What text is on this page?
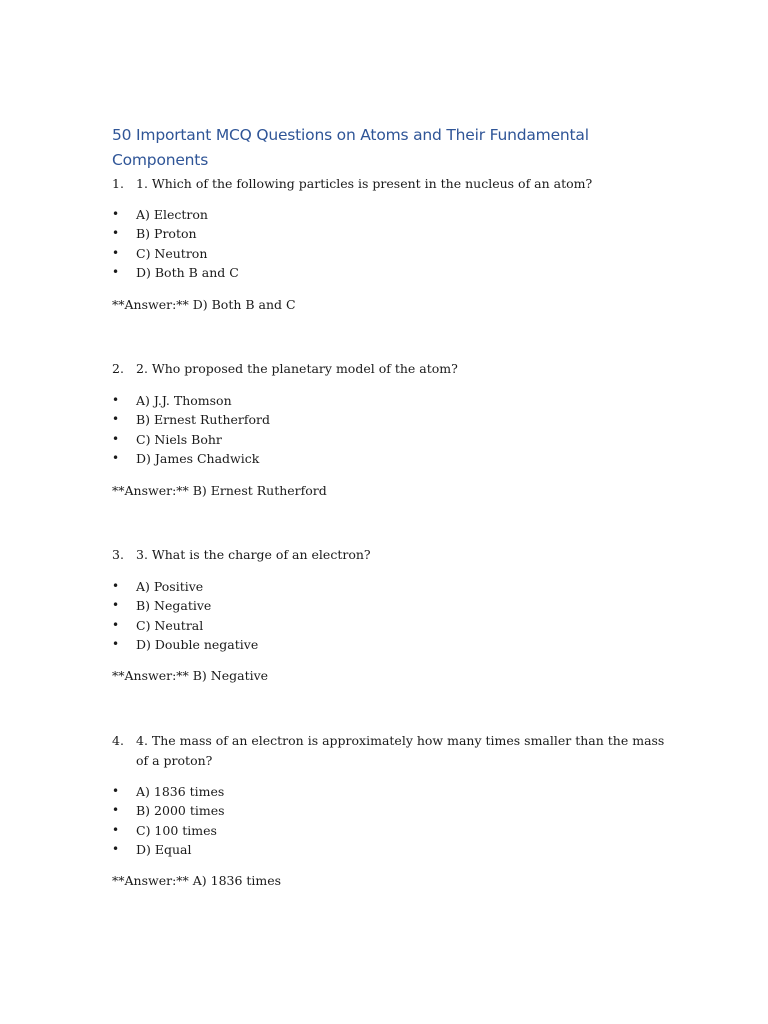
50 Important MCQ Questions on Atoms and Their Fundamental Components

1. 1. Which of the following particles is present in the nucleus of an atom?

• A) Electron
• B) Proton
• C) Neutron
• D) Both B and C

**Answer:** D) Both B and C

2. 2. Who proposed the planetary model of the atom?

• A) J.J. Thomson
• B) Ernest Rutherford
• C) Niels Bohr
• D) James Chadwick

**Answer:** B) Ernest Rutherford

3. 3. What is the charge of an electron?

• A) Positive
• B) Negative
• C) Neutral
• D) Double negative

**Answer:** B) Negative

4. 4. The mass of an electron is approximately how many times smaller than the mass of a proton?

• A) 1836 times
• B) 2000 times
• C) 100 times
• D) Equal

**Answer:** A) 1836 times
